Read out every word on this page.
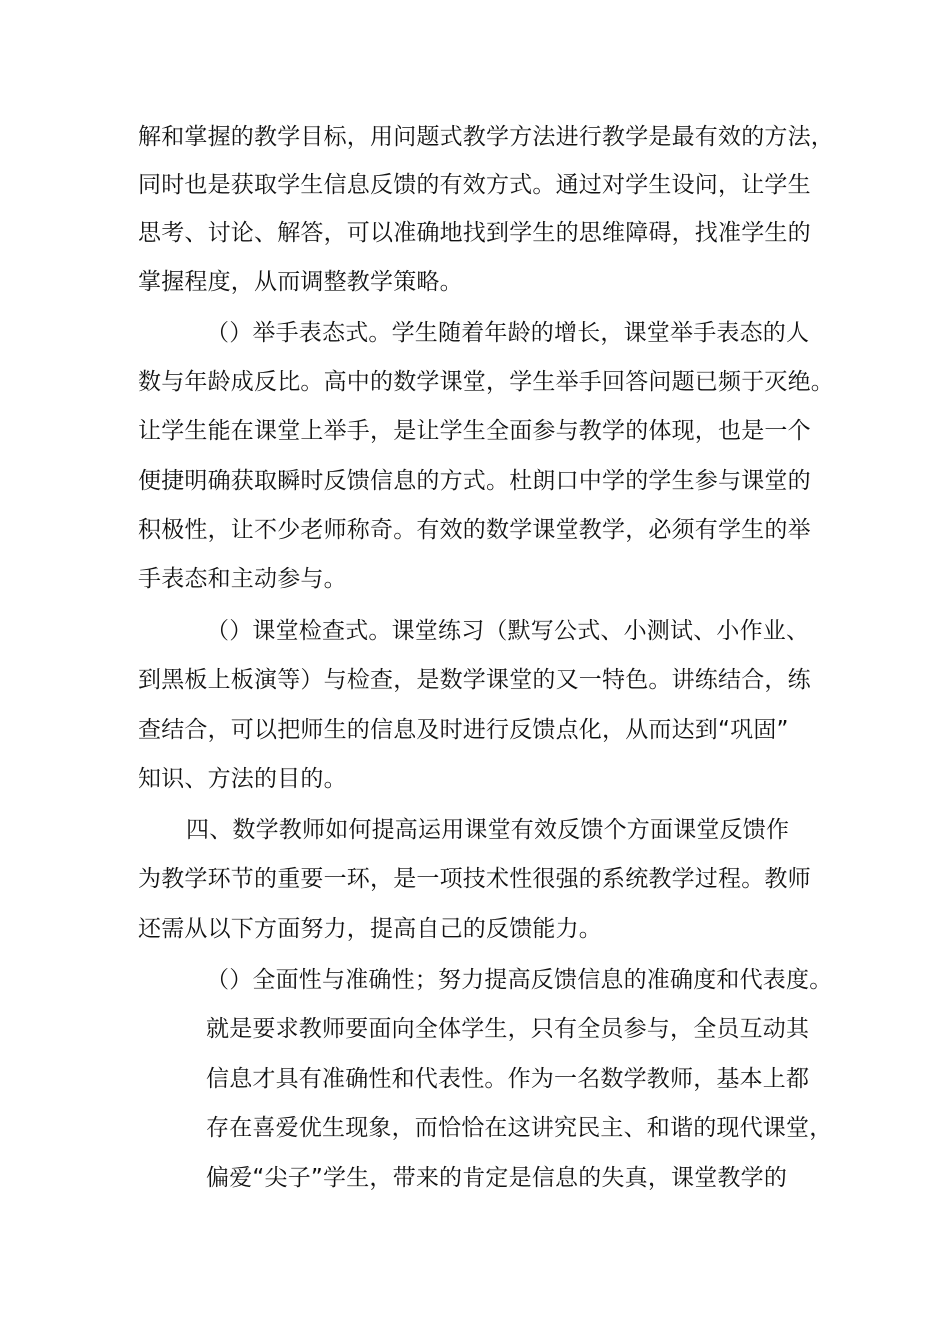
解和掌握的教学目标，用问题式教学方法进行教学是最有效的方法，
同时也是获取学生信息反馈的有效方式。通过对学生设问，让学生
思考、讨论、解答，可以准确地找到学生的思维障碍，找准学生的
掌握程度，从而调整教学策略。
（）举手表态式。学生随着年龄的增长，课堂举手表态的人
数与年龄成反比。高中的数学课堂，学生举手回答问题已频于灭绝。
让学生能在课堂上举手，是让学生全面参与教学的体现，也是一个
便捷明确获取瞬时反馈信息的方式。杜朗口中学的学生参与课堂的
积极性，让不少老师称奇。有效的数学课堂教学，必须有学生的举
手表态和主动参与。
（）课堂检查式。课堂练习（默写公式、小测试、小作业、
到黑板上板演等）与检查，是数学课堂的又一特色。讲练结合，练
查结合，可以把师生的信息及时进行反馈点化，从而达到“巩固”
知识、方法的目的。
四、数学教师如何提高运用课堂有效反馈个方面课堂反馈作
为教学环节的重要一环，是一项技术性很强的系统教学过程。教师
还需从以下方面努力，提高自己的反馈能力。
（）全面性与准确性；努力提高反馈信息的准确度和代表度。
就是要求教师要面向全体学生，只有全员参与，全员互动其
信息才具有准确性和代表性。作为一名数学教师，基本上都
存在喜爱优生现象，而恰恰在这讲究民主、和谐的现代课堂，
偏爱“尖子”学生，带来的肯定是信息的失真，课堂教学的
